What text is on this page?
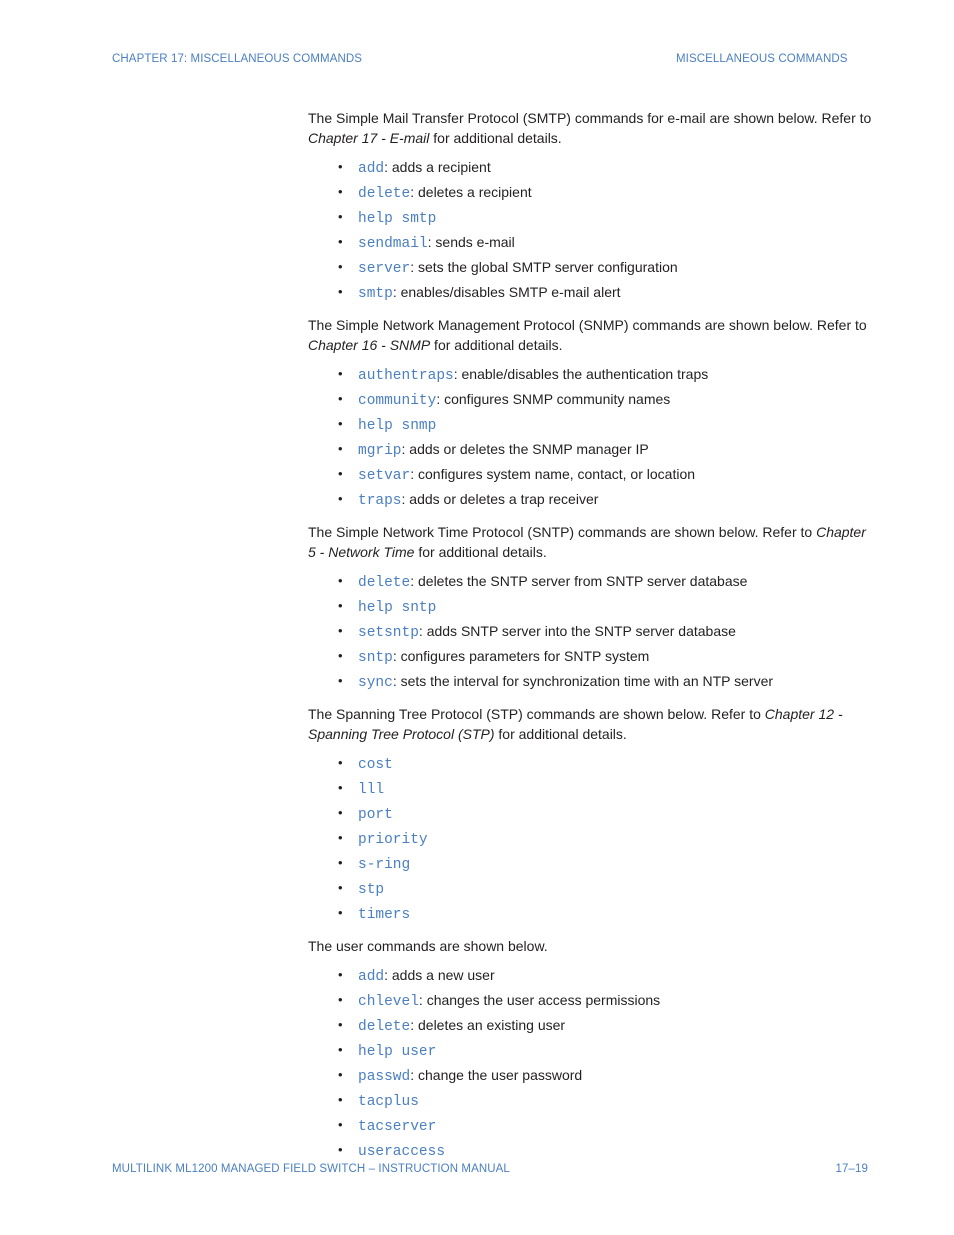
CHAPTER 17: MISCELLANEOUS COMMANDS	MISCELLANEOUS COMMANDS

The Simple Mail Transfer Protocol (SMTP) commands for e-mail are shown below. Refer to Chapter 17 - E-mail for additional details.

• add: adds a recipient
• delete: deletes a recipient
• help smtp
• sendmail: sends e-mail
• server: sets the global SMTP server configuration
• smtp: enables/disables SMTP e-mail alert

The Simple Network Management Protocol (SNMP) commands are shown below. Refer to Chapter 16 - SNMP for additional details.

• authentraps: enable/disables the authentication traps
• community: configures SNMP community names
• help snmp
• mgrip: adds or deletes the SNMP manager IP
• setvar: configures system name, contact, or location
• traps: adds or deletes a trap receiver

The Simple Network Time Protocol (SNTP) commands are shown below. Refer to Chapter 5 - Network Time for additional details.

• delete: deletes the SNTP server from SNTP server database
• help sntp
• setsntp: adds SNTP server into the SNTP server database
• sntp: configures parameters for SNTP system
• sync: sets the interval for synchronization time with an NTP server

The Spanning Tree Protocol (STP) commands are shown below. Refer to Chapter 12 - Spanning Tree Protocol (STP) for additional details.

• cost
• lll
• port
• priority
• s-ring
• stp
• timers

The user commands are shown below.

• add: adds a new user
• chlevel: changes the user access permissions
• delete: deletes an existing user
• help user
• passwd: change the user password
• tacplus
• tacserver
• useraccess
MULTILINK ML1200 MANAGED FIELD SWITCH – INSTRUCTION MANUAL	17–19
